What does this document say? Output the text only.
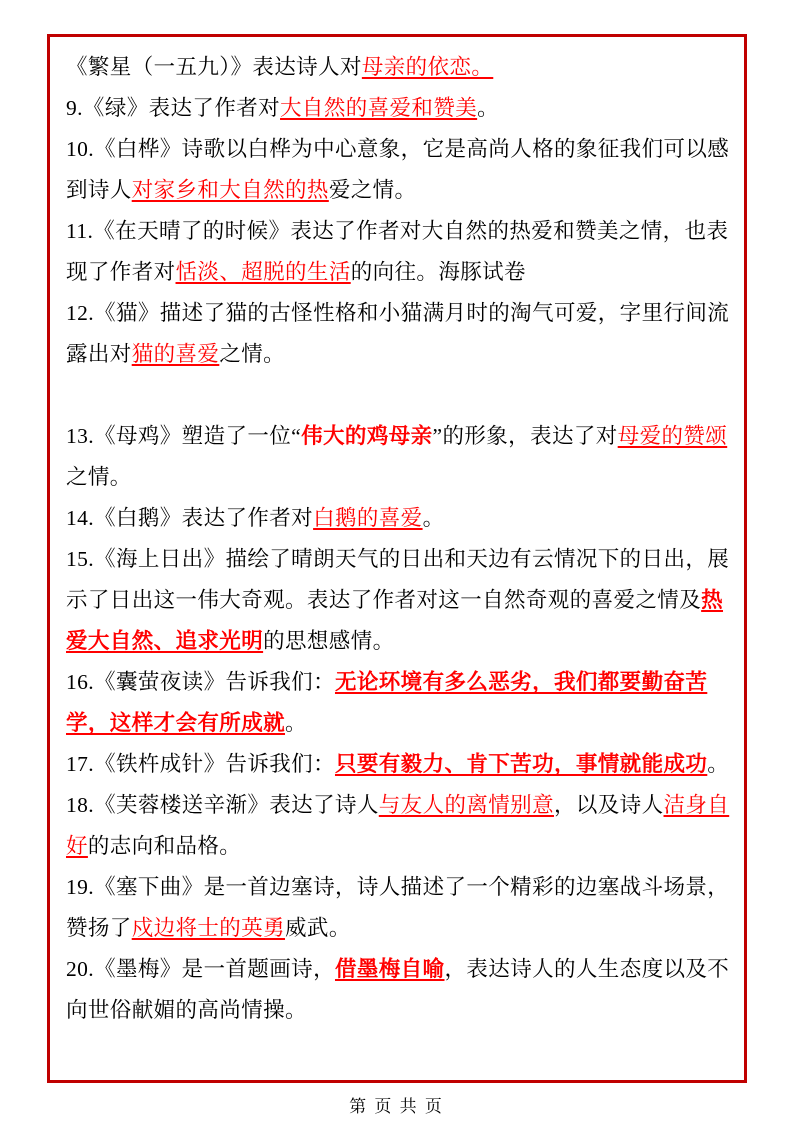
《繁星（一五九）》表达诗人对母亲的依恋。
9.《绿》表达了作者对大自然的喜爱和赞美。
10.《白桦》诗歌以白桦为中心意象，它是高尚人格的象征我们可以感到诗人对家乡和大自然的热爱之情。
11.《在天晴了的时候》表达了作者对大自然的热爱和赞美之情，也表现了作者对恬淡、超脱的生活的向往。海豚试卷
12.《猫》描述了猫的古怪性格和小猫满月时的淘气可爱，字里行间流露出对猫的喜爱之情。
13.《母鸡》塑造了一位“伟大的鸡母亲”的形象，表达了对母爱的赞颂之情。
14.《白鹅》表达了作者对白鹅的喜爱。
15.《海上日出》描绘了晴朗天气的日出和天边有云情况下的日出，展示了日出这一伟大奇观。表达了作者对这一自然奇观的喜爱之情及热爱大自然、追求光明的思想感情。
16.《囊萤夜读》告诉我们：无论环境有多么恶劣，我们都要勤奋苦学，这样才会有所成就。
17.《铁杵成针》告诉我们：只要有毅力、肯下苦功，事情就能成功。
18.《芙蓉楼送辛渐》表达了诗人与友人的离情别意，以及诗人洁身自好的志向和品格。
19.《塞下曲》是一首边塞诗，诗人描述了一个精彩的边塞战斗场景，赞扬了戍边将士的英勇威武。
20.《墨梅》是一首题画诗，借墨梅自喻，表达诗人的人生态度以及不向世俗献媚的高尚情操。
第 页 共 页
